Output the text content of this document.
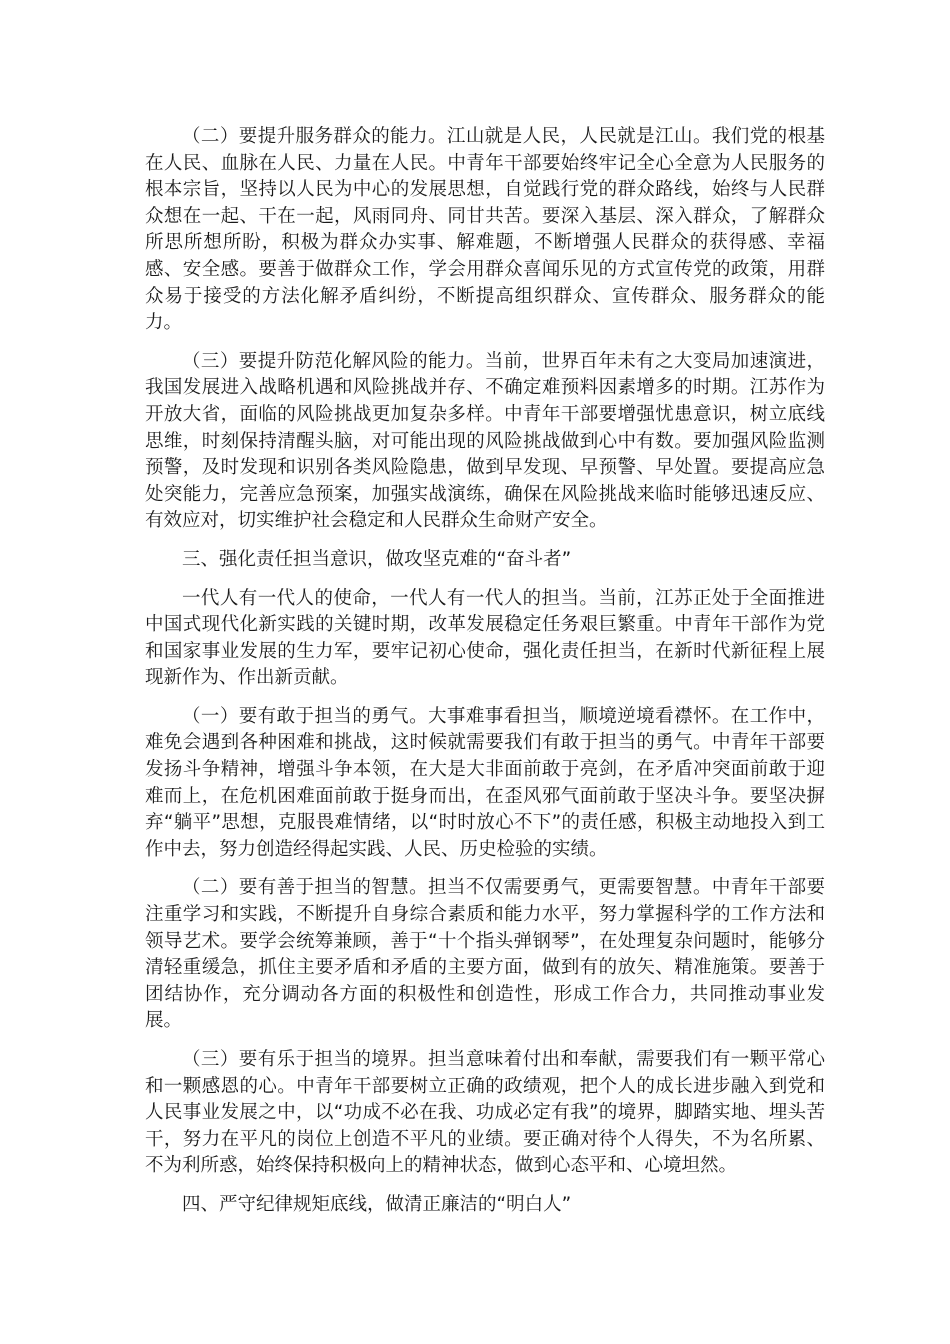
（二）要提升服务群众的能力。江山就是人民，人民就是江山。我们党的根基在人民、血脉在人民、力量在人民。中青年干部要始终牢记全心全意为人民服务的根本宗旨，坚持以人民为中心的发展思想，自觉践行党的群众路线，始终与人民群众想在一起、干在一起，风雨同舟、同甘共苦。要深入基层、深入群众，了解群众所思所想所盼，积极为群众办实事、解难题，不断增强人民群众的获得感、幸福感、安全感。要善于做群众工作，学会用群众喜闻乐见的方式宣传党的政策，用群众易于接受的方法化解矛盾纠纷，不断提高组织群众、宣传群众、服务群众的能力。

（三）要提升防范化解风险的能力。当前，世界百年未有之大变局加速演进，我国发展进入战略机遇和风险挑战并存、不确定难预料因素增多的时期。江苏作为开放大省，面临的风险挑战更加复杂多样。中青年干部要增强忧患意识，树立底线思维，时刻保持清醒头脑，对可能出现的风险挑战做到心中有数。要加强风险监测预警，及时发现和识别各类风险隐患，做到早发现、早预警、早处置。要提高应急处突能力，完善应急预案，加强实战演练，确保在风险挑战来临时能够迅速反应、有效应对，切实维护社会稳定和人民群众生命财产安全。

三、强化责任担当意识，做攻坚克难的“奋斗者”

一代人有一代人的使命，一代人有一代人的担当。当前，江苏正处于全面推进中国式现代化新实践的关键时期，改革发展稳定任务艰巨繁重。中青年干部作为党和国家事业发展的生力军，要牢记初心使命，强化责任担当，在新时代新征程上展现新作为、作出新贡献。

（一）要有敢于担当的勇气。大事难事看担当，顺境逆境看襟怀。在工作中，难免会遇到各种困难和挑战，这时候就需要我们有敢于担当的勇气。中青年干部要发扬斗争精神，增强斗争本领，在大是大非面前敢于亮剑，在矛盾冲突面前敢于迎难而上，在危机困难面前敢于挺身而出，在歪风邪气面前敢于坚决斗争。要坚决摒弃“躺平”思想，克服畏难情绪，以“时时放心不下”的责任感，积极主动地投入到工作中去，努力创造经得起实践、人民、历史检验的实绩。

（二）要有善于担当的智慧。担当不仅需要勇气，更需要智慧。中青年干部要注重学习和实践，不断提升自身综合素质和能力水平，努力掌握科学的工作方法和领导艺术。要学会统筹兼顾，善于“十个指头弹钢琴”，在处理复杂问题时，能够分清轻重缓急，抓住主要矛盾和矛盾的主要方面，做到有的放矢、精准施策。要善于团结协作，充分调动各方面的积极性和创造性，形成工作合力，共同推动事业发展。

（三）要有乐于担当的境界。担当意味着付出和奉献，需要我们有一颗平常心和一颗感恩的心。中青年干部要树立正确的政绩观，把个人的成长进步融入到党和人民事业发展之中，以“功成不必在我、功成必定有我”的境界，脚踏实地、埋头苦干，努力在平凡的岗位上创造不平凡的业绩。要正确对待个人得失，不为名所累、不为利所惑，始终保持积极向上的精神状态，做到心态平和、心境坦然。

四、严守纪律规矩底线，做清正廉洁的“明白人”
